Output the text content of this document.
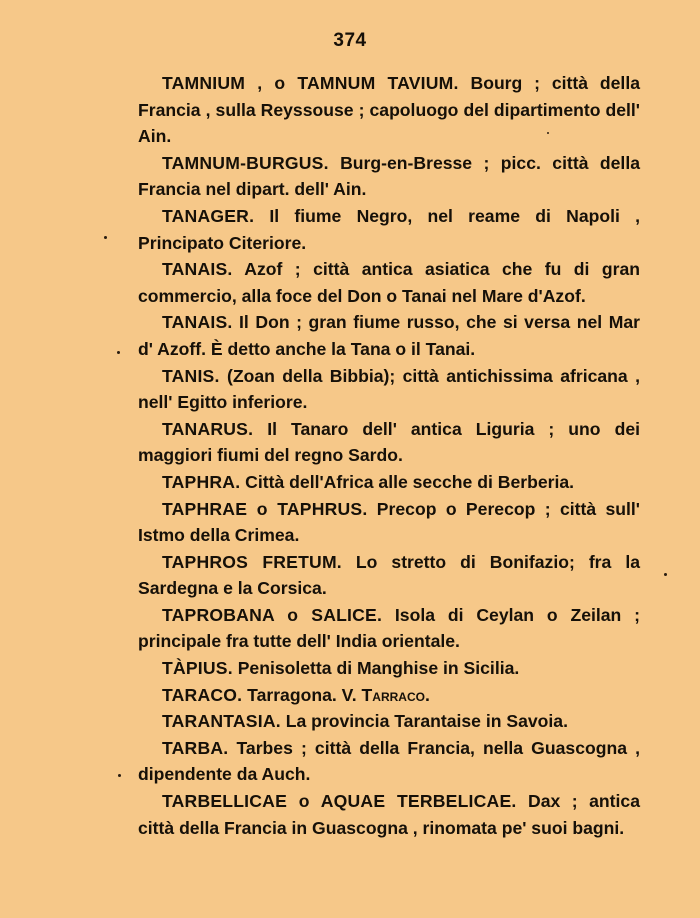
374

TAMNIUM , o TAMNUM TAVIUM. Bourg ; città della Francia , sulla Reyssouse ; capoluogo del dipartimento dell' Ain.

TAMNUM-BURGUS. Burg-en-Bresse ; picc. città della Francia nel dipart. dell' Ain.

TANAGER. Il fiume Negro, nel reame di Napoli , Principato Citeriore.

TANAIS. Azof ; città antica asiatica che fu di gran commercio, alla foce del Don o Tanai nel Mare d'Azof.

TANAIS. Il Don ; gran fiume russo, che si versa nel Mar d' Azoff. È detto anche la Tana o il Tanai.

TANIS. (Zoan della Bibbia); città antichissima africana , nell' Egitto inferiore.

TANARUS. Il Tanaro dell' antica Liguria ; uno dei maggiori fiumi del regno Sardo.

TAPHRA. Città dell'Africa alle secche di Berberia.

TAPHRAE o TAPHRUS. Precop o Perecop ; città sull' Istmo della Crimea.

TAPHROS FRETUM. Lo stretto di Bonifazio; fra la Sardegna e la Corsica.

TAPROBANA o SALICE. Isola di Ceylan o Zeilan ; principale fra tutte dell' India orientale.

TÀPIUS. Penisoletta di Manghise in Sicilia.

TARACO. Tarragona. V. Tarraco.

TARANTASIA. La provincia Tarantaise in Savoia.

TARBA. Tarbes ; città della Francia, nella Guascogna , dipendente da Auch.

TARBELLICAE o AQUAE TERBELICAE. Dax ; antica città della Francia in Guascogna , rinomata pe' suoi bagni.
